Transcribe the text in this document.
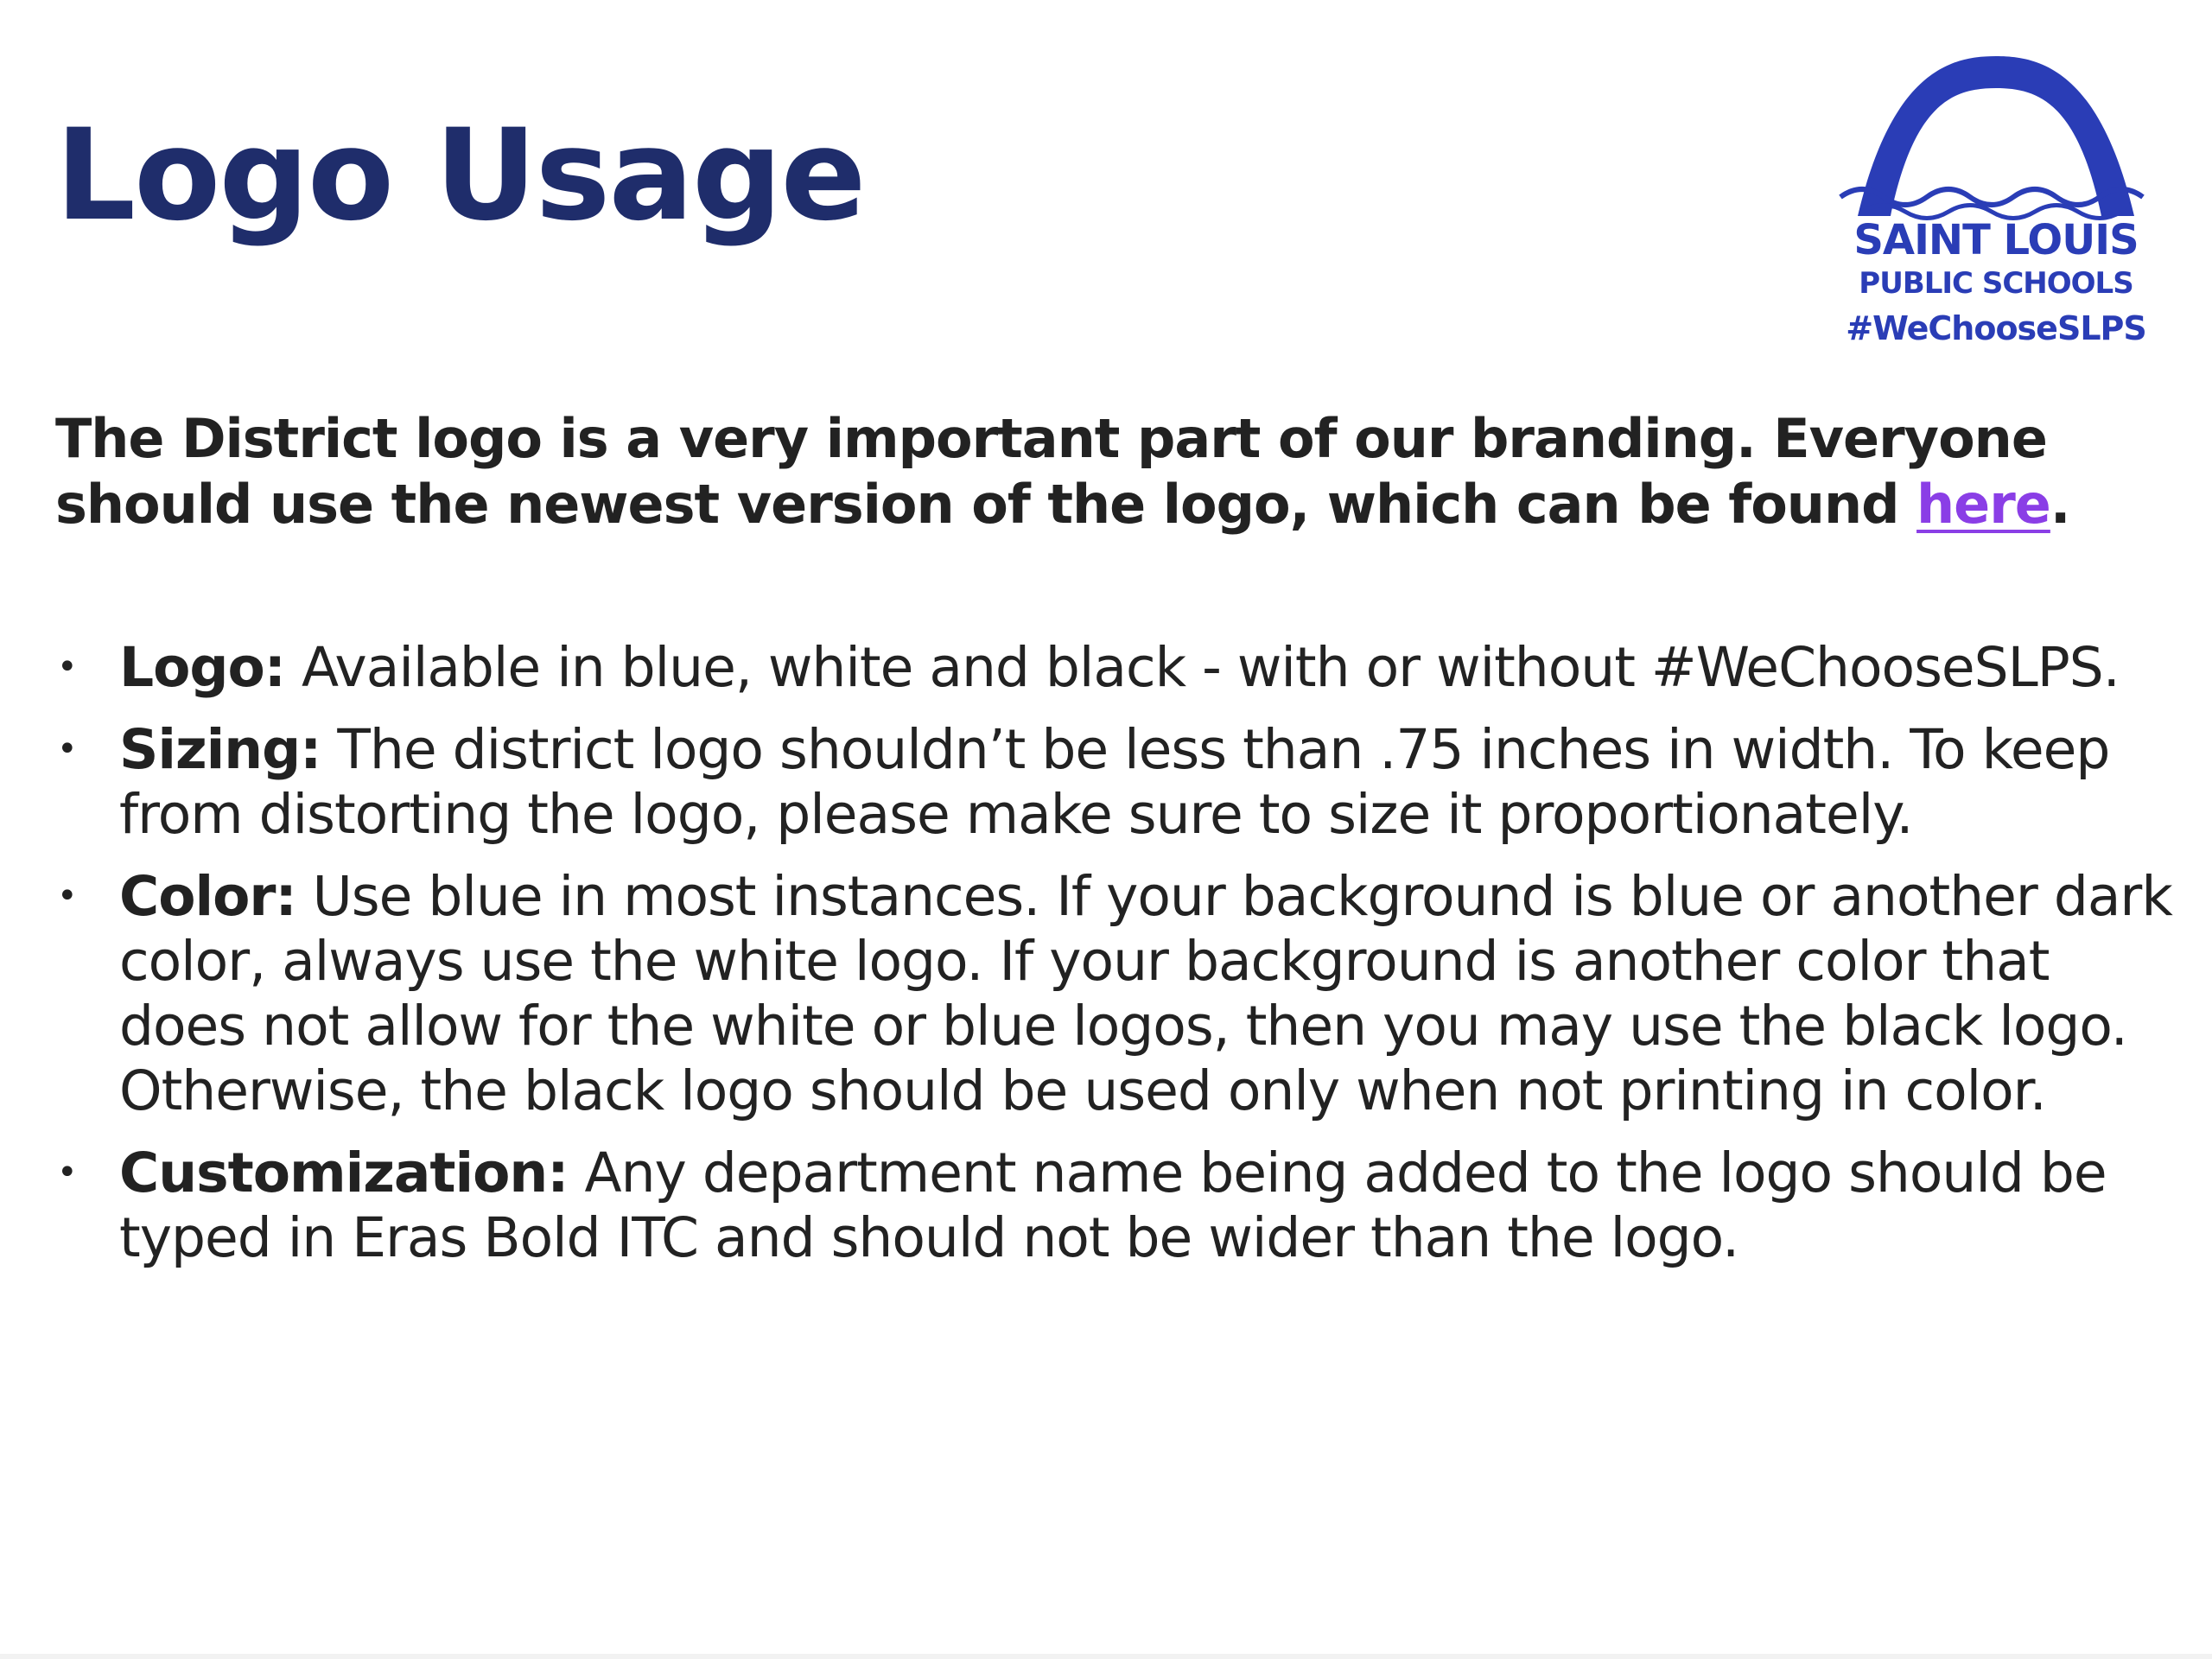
Logo Usage	SAINT LOUIS
PUBLIC SCHOOLS
#WeChooseSLPS

The District logo is a very important part of our branding. Everyone should use the newest version of the logo, which can be found here.

• Logo: Available in blue, white and black - with or without #WeChooseSLPS.
• Sizing: The district logo shouldn’t be less than .75 inches in width. To keep from distorting the logo, please make sure to size it proportionately.
• Color: Use blue in most instances. If your background is blue or another dark color, always use the white logo. If your background is another color that does not allow for the white or blue logos, then you may use the black logo. Otherwise, the black logo should be used only when not printing in color.
• Customization: Any department name being added to the logo should be typed in Eras Bold ITC and should not be wider than the logo.
